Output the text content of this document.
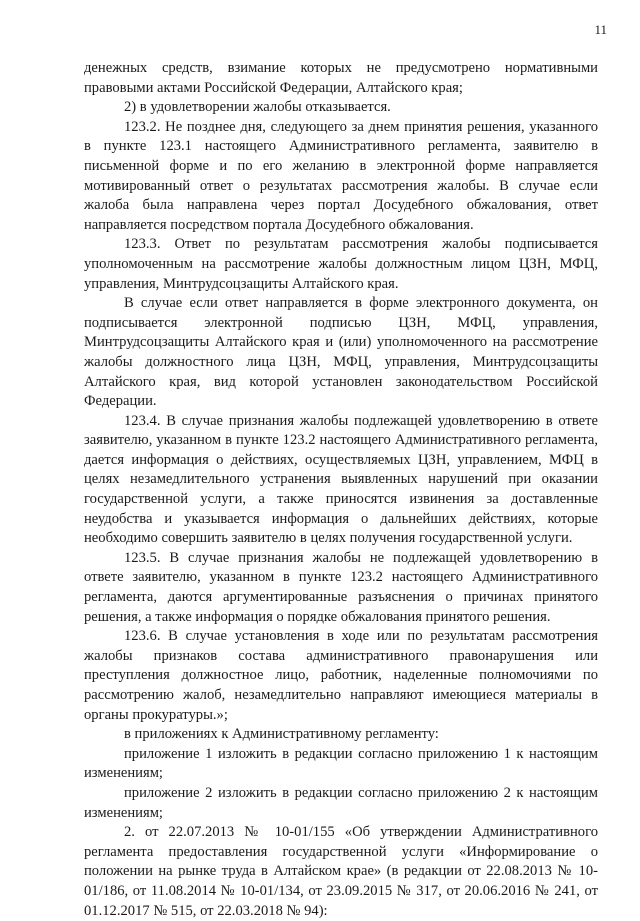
11

денежных средств, взимание которых не предусмотрено нормативными правовыми актами Российской Федерации, Алтайского края;

2) в удовлетворении жалобы отказывается.

123.2. Не позднее дня, следующего за днем принятия решения, указанного в пункте 123.1 настоящего Административного регламента, заявителю в письменной форме и по его желанию в электронной форме направляется мотивированный ответ о результатах рассмотрения жалобы. В случае если жалоба была направлена через портал Досудебного обжалования, ответ направляется посредством портала Досудебного обжалования.

123.3. Ответ по результатам рассмотрения жалобы подписывается уполномоченным на рассмотрение жалобы должностным лицом ЦЗН, МФЦ, управления, Минтрудсоцзащиты Алтайского края.

В случае если ответ направляется в форме электронного документа, он подписывается электронной подписью ЦЗН, МФЦ, управления, Минтрудсоцзащиты Алтайского края и (или) уполномоченного на рассмотрение жалобы должностного лица ЦЗН, МФЦ, управления, Минтрудсоцзащиты Алтайского края, вид которой установлен законодательством Российской Федерации.

123.4. В случае признания жалобы подлежащей удовлетворению в ответе заявителю, указанном в пункте 123.2 настоящего Административного регламента, дается информация о действиях, осуществляемых ЦЗН, управлением, МФЦ в целях незамедлительного устранения выявленных нарушений при оказании государственной услуги, а также приносятся извинения за доставленные неудобства и указывается информация о дальнейших действиях, которые необходимо совершить заявителю в целях получения государственной услуги.

123.5. В случае признания жалобы не подлежащей удовлетворению в ответе заявителю, указанном в пункте 123.2 настоящего Административного регламента, даются аргументированные разъяснения о причинах принятого решения, а также информация о порядке обжалования принятого решения.

123.6. В случае установления в ходе или по результатам рассмотрения жалобы признаков состава административного правонарушения или преступления должностное лицо, работник, наделенные полномочиями по рассмотрению жалоб, незамедлительно направляют имеющиеся материалы в органы прокуратуры.»;

в приложениях к Административному регламенту:

приложение 1 изложить в редакции согласно приложению 1 к настоящим изменениям;

приложение 2 изложить в редакции согласно приложению 2 к настоящим изменениям;

2. от 22.07.2013 № 10-01/155 «Об утверждении Административного регламента предоставления государственной услуги «Информирование о положении на рынке труда в Алтайском крае» (в редакции от 22.08.2013 № 10-01/186, от 11.08.2014 № 10-01/134, от 23.09.2015 № 317, от 20.06.2016 № 241, от 01.12.2017 № 515, от 22.03.2018 № 94):
